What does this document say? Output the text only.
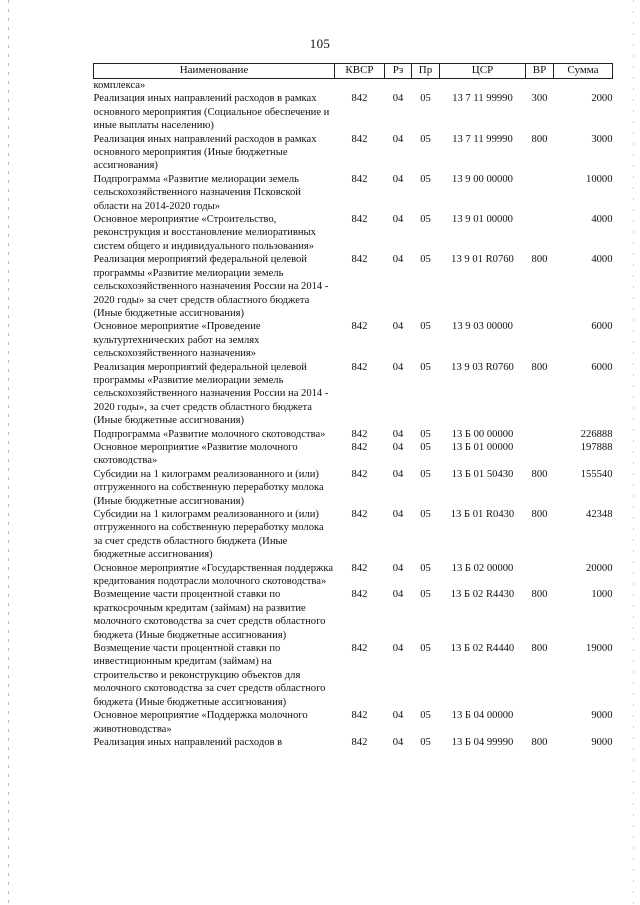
105
Наименование	КВСР	Рз	Пр	ЦСР	ВР	Сумма
комплекса»						
Реализация иных направлений расходов в рамках основного мероприятия (Социальное обеспечение и иные выплаты населению)	842	04	05	13 7 11 99990	300	2000
Реализация иных направлений расходов в рамках основного мероприятия (Иные бюджетные ассигнования)	842	04	05	13 7 11 99990	800	3000
Подпрограмма «Развитие мелиорации земель сельскохозяйственного назначения Псковской области на 2014-2020 годы»	842	04	05	13 9 00 00000		10000
Основное мероприятие «Строительство, реконструкция и восстановление мелиоративных систем общего и индивидуального пользования»	842	04	05	13 9 01 00000		4000
Реализация мероприятий федеральной целевой программы «Развитие мелиорации земель сельскохозяйственного назначения России на 2014 - 2020 годы» за счет средств областного бюджета (Иные бюджетные ассигнования)	842	04	05	13 9 01 R0760	800	4000
Основное мероприятие «Проведение культуртехнических работ на землях сельскохозяйственного назначения»	842	04	05	13 9 03 00000		6000
Реализация мероприятий федеральной целевой программы «Развитие мелиорации земель сельскохозяйственного назначения России на 2014 - 2020 годы», за счет средств областного бюджета (Иные бюджетные ассигнования)	842	04	05	13 9 03 R0760	800	6000
Подпрограмма «Развитие молочного скотоводства»	842	04	05	13 Б 00 00000		226888
Основное мероприятие «Развитие молочного скотоводства»	842	04	05	13 Б 01 00000		197888
Субсидии на 1 килограмм реализованного и (или) отгруженного на собственную переработку молока (Иные бюджетные ассигнования)	842	04	05	13 Б 01 50430	800	155540
Субсидии на 1 килограмм реализованного и (или) отгруженного на собственную переработку молока за счет средств областного бюджета (Иные бюджетные ассигнования)	842	04	05	13 Б 01 R0430	800	42348
Основное мероприятие «Государственная поддержка кредитования подотрасли молочного скотоводства»	842	04	05	13 Б 02 00000		20000
Возмещение части процентной ставки по краткосрочным кредитам (займам) на развитие молочного скотоводства за счет средств областного бюджета (Иные бюджетные ассигнования)	842	04	05	13 Б 02 R4430	800	1000
Возмещение части процентной ставки по инвестиционным кредитам (займам) на строительство и реконструкцию объектов для молочного скотоводства за счет средств областного бюджета (Иные бюджетные ассигнования)	842	04	05	13 Б 02 R4440	800	19000
Основное мероприятие «Поддержка молочного животноводства»	842	04	05	13 Б 04 00000		9000
Реализация иных направлений расходов в	842	04	05	13 Б 04 99990	800	9000
